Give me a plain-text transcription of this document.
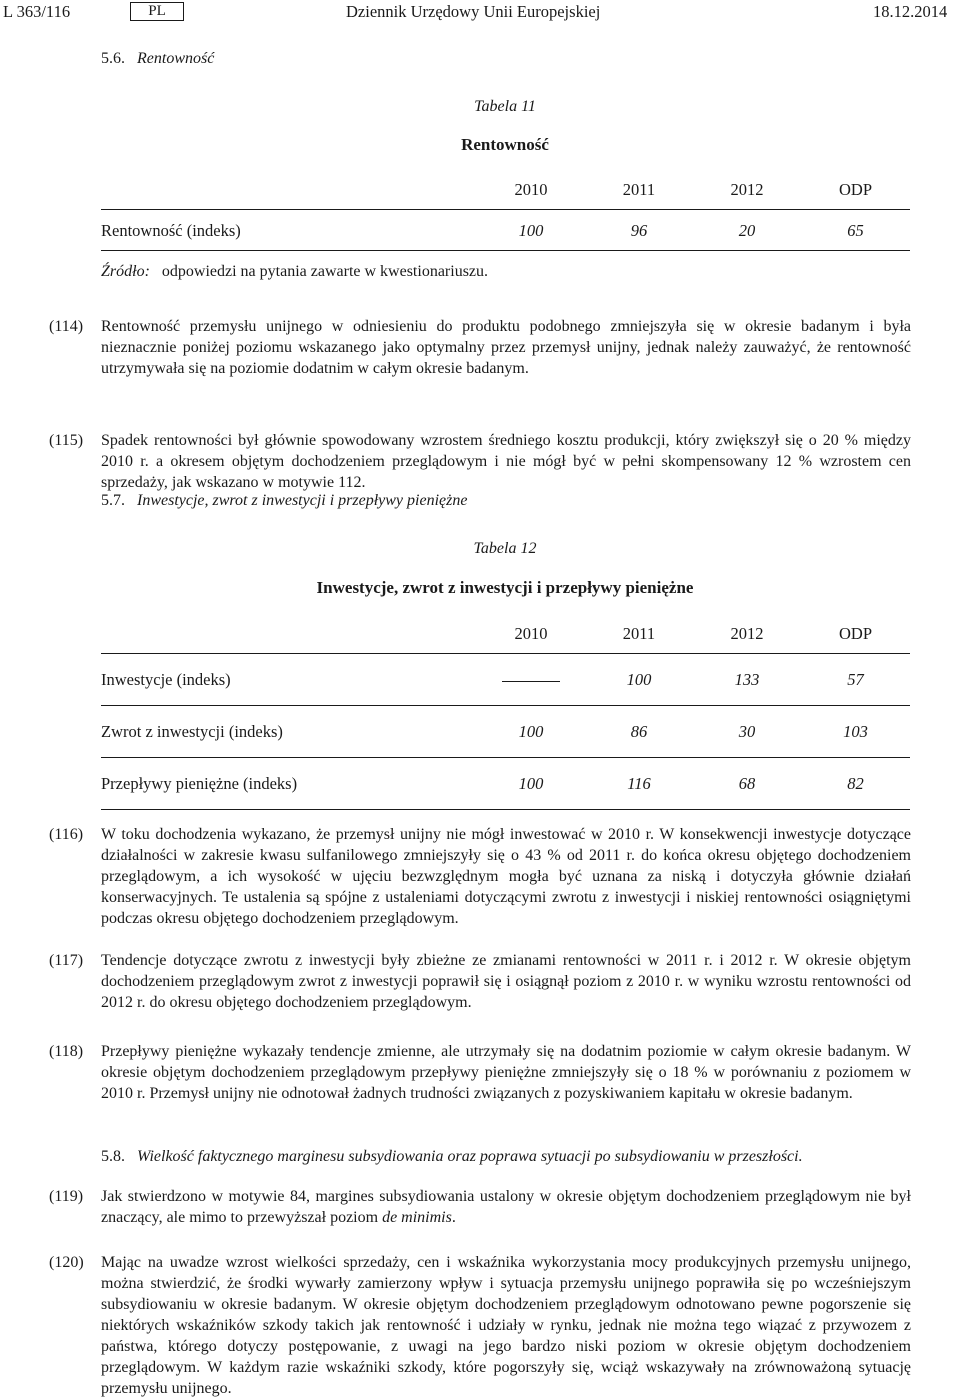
L 363/116	PL	Dziennik Urzędowy Unii Europejskiej	18.12.2014
5.6. Rentowność
Tabela 11
Rentowność
	2010	2011	2012	ODP
Rentowność (indeks)	100	96	20	65
Źródło: odpowiedzi na pytania zawarte w kwestionariuszu.
(114) Rentowność przemysłu unijnego w odniesieniu do produktu podobnego zmniejszyła się w okresie badanym i była nieznacznie poniżej poziomu wskazanego jako optymalny przez przemysł unijny, jednak należy zauważyć, że rentowność utrzymywała się na poziomie dodatnim w całym okresie badanym.

(115) Spadek rentowności był głównie spowodowany wzrostem średniego kosztu produkcji, który zwiększył się o 20 % między 2010 r. a okresem objętym dochodzeniem przeglądowym i nie mógł być w pełni skompensowany 12 % wzrostem cen sprzedaży, jak wskazano w motywie 112.

5.7. Inwestycje, zwrot z inwestycji i przepływy pieniężne
Tabela 12
Inwestycje, zwrot z inwestycji i przepływy pieniężne
	2010	2011	2012	ODP
Inwestycje (indeks)		100	133	57
Zwrot z inwestycji (indeks)	100	86	30	103
Przepływy pieniężne (indeks)	100	116	68	82
(116) W toku dochodzenia wykazano, że przemysł unijny nie mógł inwestować w 2010 r. W konsekwencji inwestycje dotyczące działalności w zakresie kwasu sulfanilowego zmniejszyły się o 43 % od 2011 r. do końca okresu objętego dochodzeniem przeglądowym, a ich wysokość w ujęciu bezwzględnym mogła być uznana za niską i dotyczyła głównie działań konserwacyjnych. Te ustalenia są spójne z ustaleniami dotyczącymi zwrotu z inwestycji i niskiej rentowności osiągniętymi podczas okresu objętego dochodzeniem przeglądowym.

(117) Tendencje dotyczące zwrotu z inwestycji były zbieżne ze zmianami rentowności w 2011 r. i 2012 r. W okresie objętym dochodzeniem przeglądowym zwrot z inwestycji poprawił się i osiągnął poziom z 2010 r. w wyniku wzrostu rentowności od 2012 r. do okresu objętego dochodzeniem przeglądowym.

(118) Przepływy pieniężne wykazały tendencje zmienne, ale utrzymały się na dodatnim poziomie w całym okresie badanym. W okresie objętym dochodzeniem przeglądowym przepływy pieniężne zmniejszyły się o 18 % w porównaniu z poziomem w 2010 r. Przemysł unijny nie odnotował żadnych trudności związanych z pozyskiwaniem kapitału w okresie badanym.

5.8. Wielkość faktycznego marginesu subsydiowania oraz poprawa sytuacji po subsydiowaniu w przeszłości.
(119) Jak stwierdzono w motywie 84, margines subsydiowania ustalony w okresie objętym dochodzeniem przeglądowym nie był znaczący, ale mimo to przewyższał poziom de minimis.

(120) Mając na uwadze wzrost wielkości sprzedaży, cen i wskaźnika wykorzystania mocy produkcyjnych przemysłu unijnego, można stwierdzić, że środki wywarły zamierzony wpływ i sytuacja przemysłu unijnego poprawiła się po wcześniejszym subsydiowaniu w okresie badanym. W okresie objętym dochodzeniem przeglądowym odnotowano pewne pogorszenie się niektórych wskaźników szkody takich jak rentowność i udziały w rynku, jednak nie można tego wiązać z przywozem z państwa, którego dotyczy postępowanie, z uwagi na jego bardzo niski poziom w okresie objętym dochodzeniem przeglądowym. W każdym razie wskaźniki szkody, które pogorszyły się, wciąż wskazywały na zrównoważoną sytuację przemysłu unijnego.
